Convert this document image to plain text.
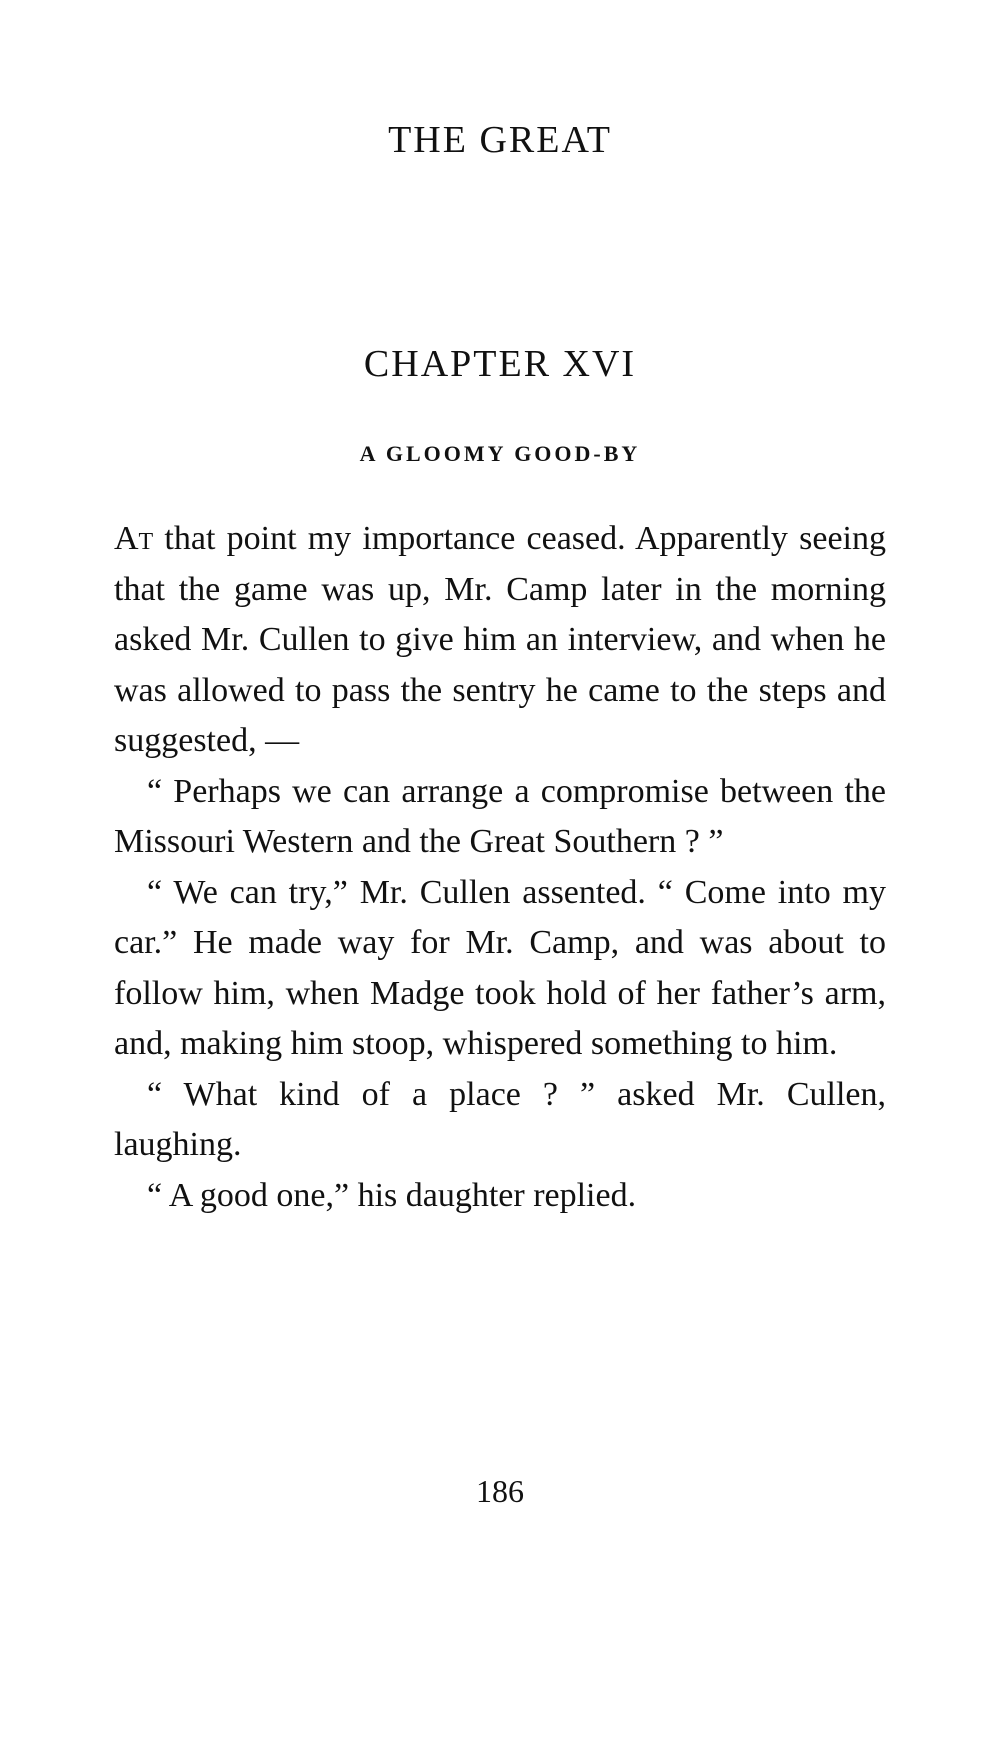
THE GREAT
CHAPTER XVI
A GLOOMY GOOD-BY

At that point my importance ceased. Apparently seeing that the game was up, Mr. Camp later in the morning asked Mr. Cullen to give him an interview, and when he was allowed to pass the sentry he came to the steps and suggested, —

“ Perhaps we can arrange a compromise between the Missouri Western and the Great Southern ? ”

“ We can try,” Mr. Cullen assented. “ Come into my car.” He made way for Mr. Camp, and was about to follow him, when Madge took hold of her father’s arm, and, making him stoop, whispered something to him.

“ What kind of a place ? ” asked Mr. Cullen, laughing.

“ A good one,” his daughter replied.

186
